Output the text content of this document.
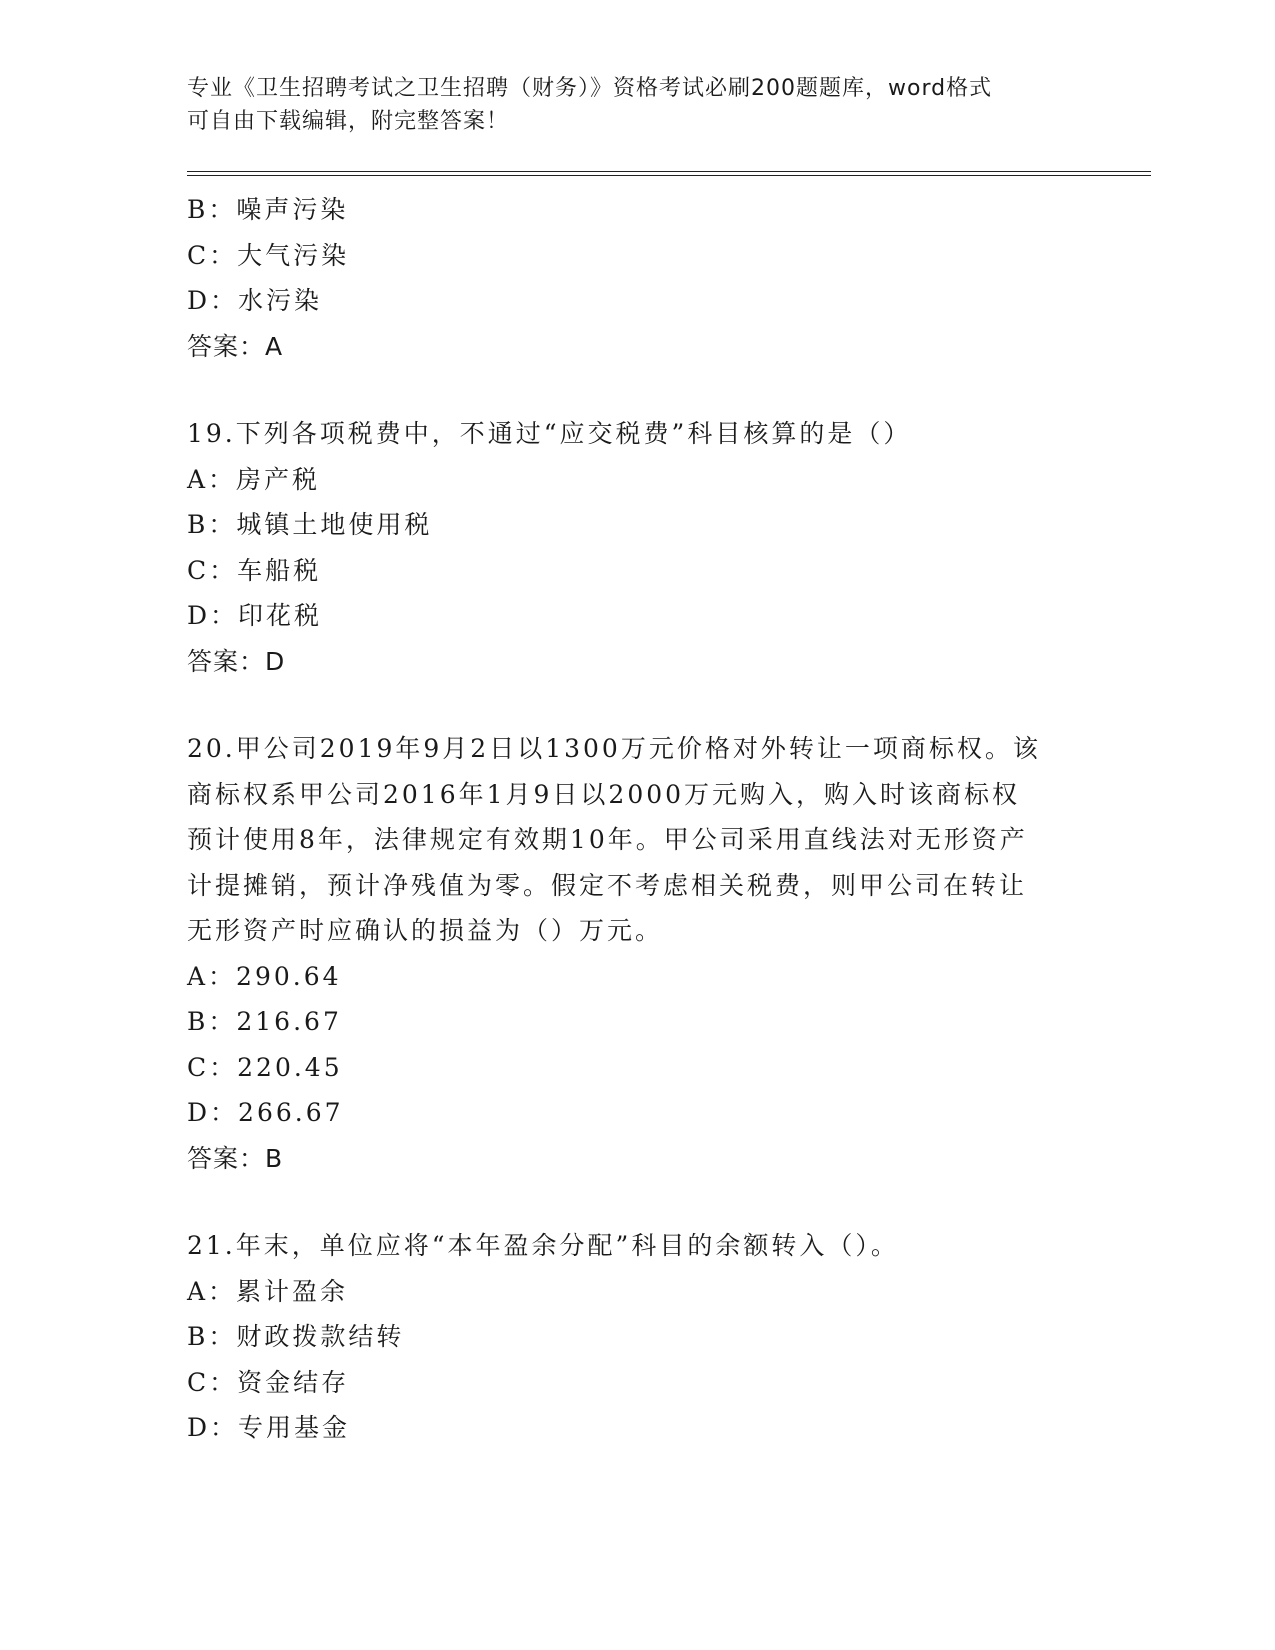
专业《卫生招聘考试之卫生招聘（财务）》资格考试必刷200题题库，word格式
可自由下载编辑，附完整答案！
B：噪声污染
C：大气污染
D：水污染
答案：A
19.下列各项税费中，不通过“应交税费”科目核算的是（）
A：房产税
B：城镇土地使用税
C：车船税
D：印花税
答案：D
20.甲公司2019年9月2日以1300万元价格对外转让一项商标权。该
商标权系甲公司2016年1月9日以2000万元购入，购入时该商标权
预计使用8年，法律规定有效期10年。甲公司采用直线法对无形资产
计提摊销，预计净残值为零。假定不考虑相关税费，则甲公司在转让
无形资产时应确认的损益为（）万元。
A：290.64
B：216.67
C：220.45
D：266.67
答案：B
21.年末，单位应将“本年盈余分配”科目的余额转入（）。
A：累计盈余
B：财政拨款结转
C：资金结存
D：专用基金
